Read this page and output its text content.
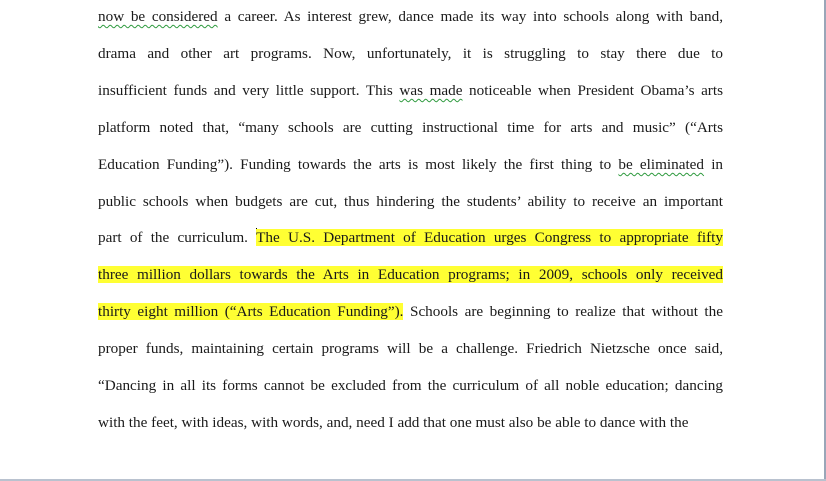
now be considered a career. As interest grew, dance made its way into schools along with band,

drama and other art programs. Now, unfortunately, it is struggling to stay there due to

insufficient funds and very little support. This was made noticeable when President Obama’s arts

platform noted that, “many schools are cutting instructional time for arts and music” (“Arts

Education Funding”). Funding towards the arts is most likely the first thing to be eliminated in

public schools when budgets are cut, thus hindering the students’ ability to receive an important

part of the curriculum. The U.S. Department of Education urges Congress to appropriate fifty

three million dollars towards the Arts in Education programs; in 2009, schools only received

thirty eight million (“Arts Education Funding”). Schools are beginning to realize that without the

proper funds, maintaining certain programs will be a challenge. Friedrich Nietzsche once said,

“Dancing in all its forms cannot be excluded from the curriculum of all noble education; dancing

with the feet, with ideas, with words, and, need I add that one must also be able to dance with the
